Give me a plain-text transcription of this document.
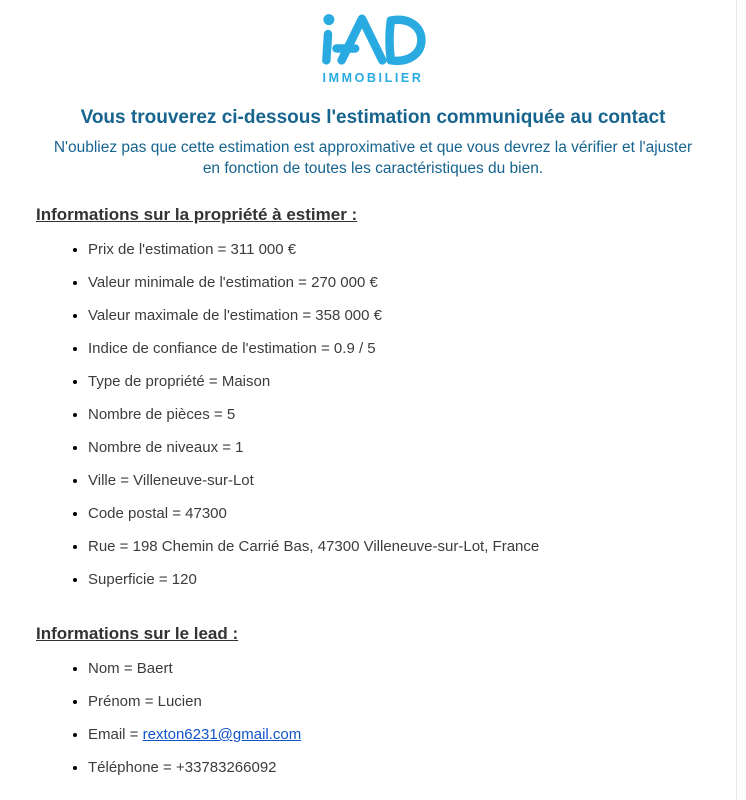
IMMOBILIER
Vous trouverez ci-dessous l'estimation communiquée au contact
N'oubliez pas que cette estimation est approximative et que vous devrez la vérifier et l'ajuster
en fonction de toutes les caractéristiques du bien.
Informations sur la propriété à estimer :
• Prix de l'estimation = 311 000 €
• Valeur minimale de l'estimation = 270 000 €
• Valeur maximale de l'estimation = 358 000 €
• Indice de confiance de l'estimation = 0.9 / 5
• Type de propriété = Maison
• Nombre de pièces = 5
• Nombre de niveaux = 1
• Ville = Villeneuve-sur-Lot
• Code postal = 47300
• Rue = 198 Chemin de Carrié Bas, 47300 Villeneuve-sur-Lot, France
• Superficie = 120
Informations sur le lead :
• Nom = Baert
• Prénom = Lucien
• Email = rexton6231@gmail.com
• Téléphone = +33783266092
